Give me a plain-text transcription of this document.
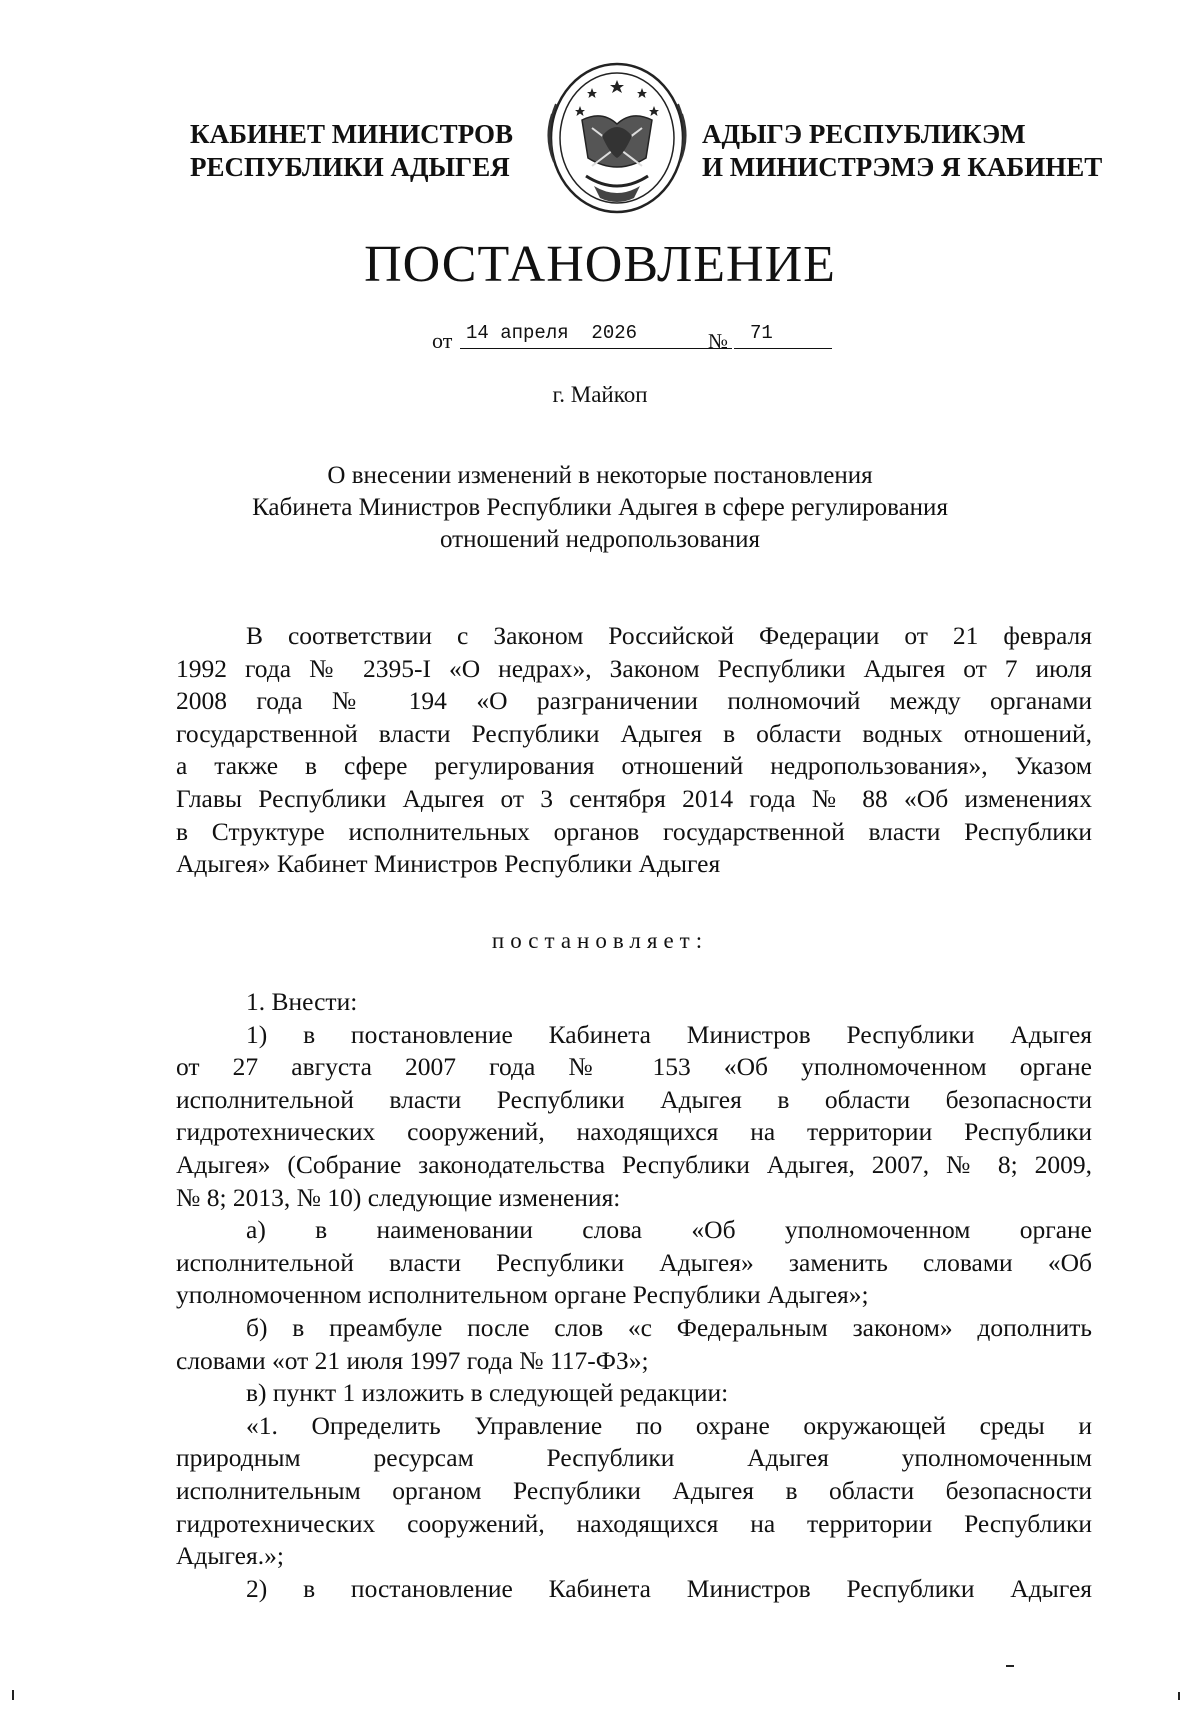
КАБИНЕТ МИНИСТРОВ
РЕСПУБЛИКИ АДЫГЕЯ
АДЫГЭ РЕСПУБЛИКЭМ
И МИНИСТРЭМЭ Я КАБИНЕТ
ПОСТАНОВЛЕНИЕ
от 14 апреля  2026	№ 71
г. Майкоп
О внесении изменений в некоторые постановления
Кабинета Министров Республики Адыгея в сфере регулирования
отношений недропользования
В соответствии с Законом Российской Федерации от 21 февраля
1992 года № 2395-I «О недрах», Законом Республики Адыгея от 7 июля
2008 года № 194 «О разграничении полномочий между органами
государственной власти Республики Адыгея в области водных отношений,
а также в сфере регулирования отношений недропользования», Указом
Главы Республики Адыгея от 3 сентября 2014 года № 88 «Об изменениях
в Структуре исполнительных органов государственной власти Республики
Адыгея» Кабинет Министров Республики Адыгея
постановляет:
1. Внести:
1) в постановление Кабинета Министров Республики Адыгея
от 27 августа 2007 года № 153 «Об уполномоченном органе
исполнительной власти Республики Адыгея в области безопасности
гидротехнических сооружений, находящихся на территории Республики
Адыгея» (Собрание законодательства Республики Адыгея, 2007, № 8; 2009,
№ 8; 2013, № 10) следующие изменения:
а) в наименовании слова «Об уполномоченном органе
исполнительной власти Республики Адыгея» заменить словами «Об
уполномоченном исполнительном органе Республики Адыгея»;
б) в преамбуле после слов «с Федеральным законом» дополнить
словами «от 21 июля 1997 года № 117-ФЗ»;
в) пункт 1 изложить в следующей редакции:
«1. Определить Управление по охране окружающей среды и
природным ресурсам Республики Адыгея уполномоченным
исполнительным органом Республики Адыгея в области безопасности
гидротехнических сооружений, находящихся на территории Республики
Адыгея.»;
2) в постановление Кабинета Министров Республики Адыгея
